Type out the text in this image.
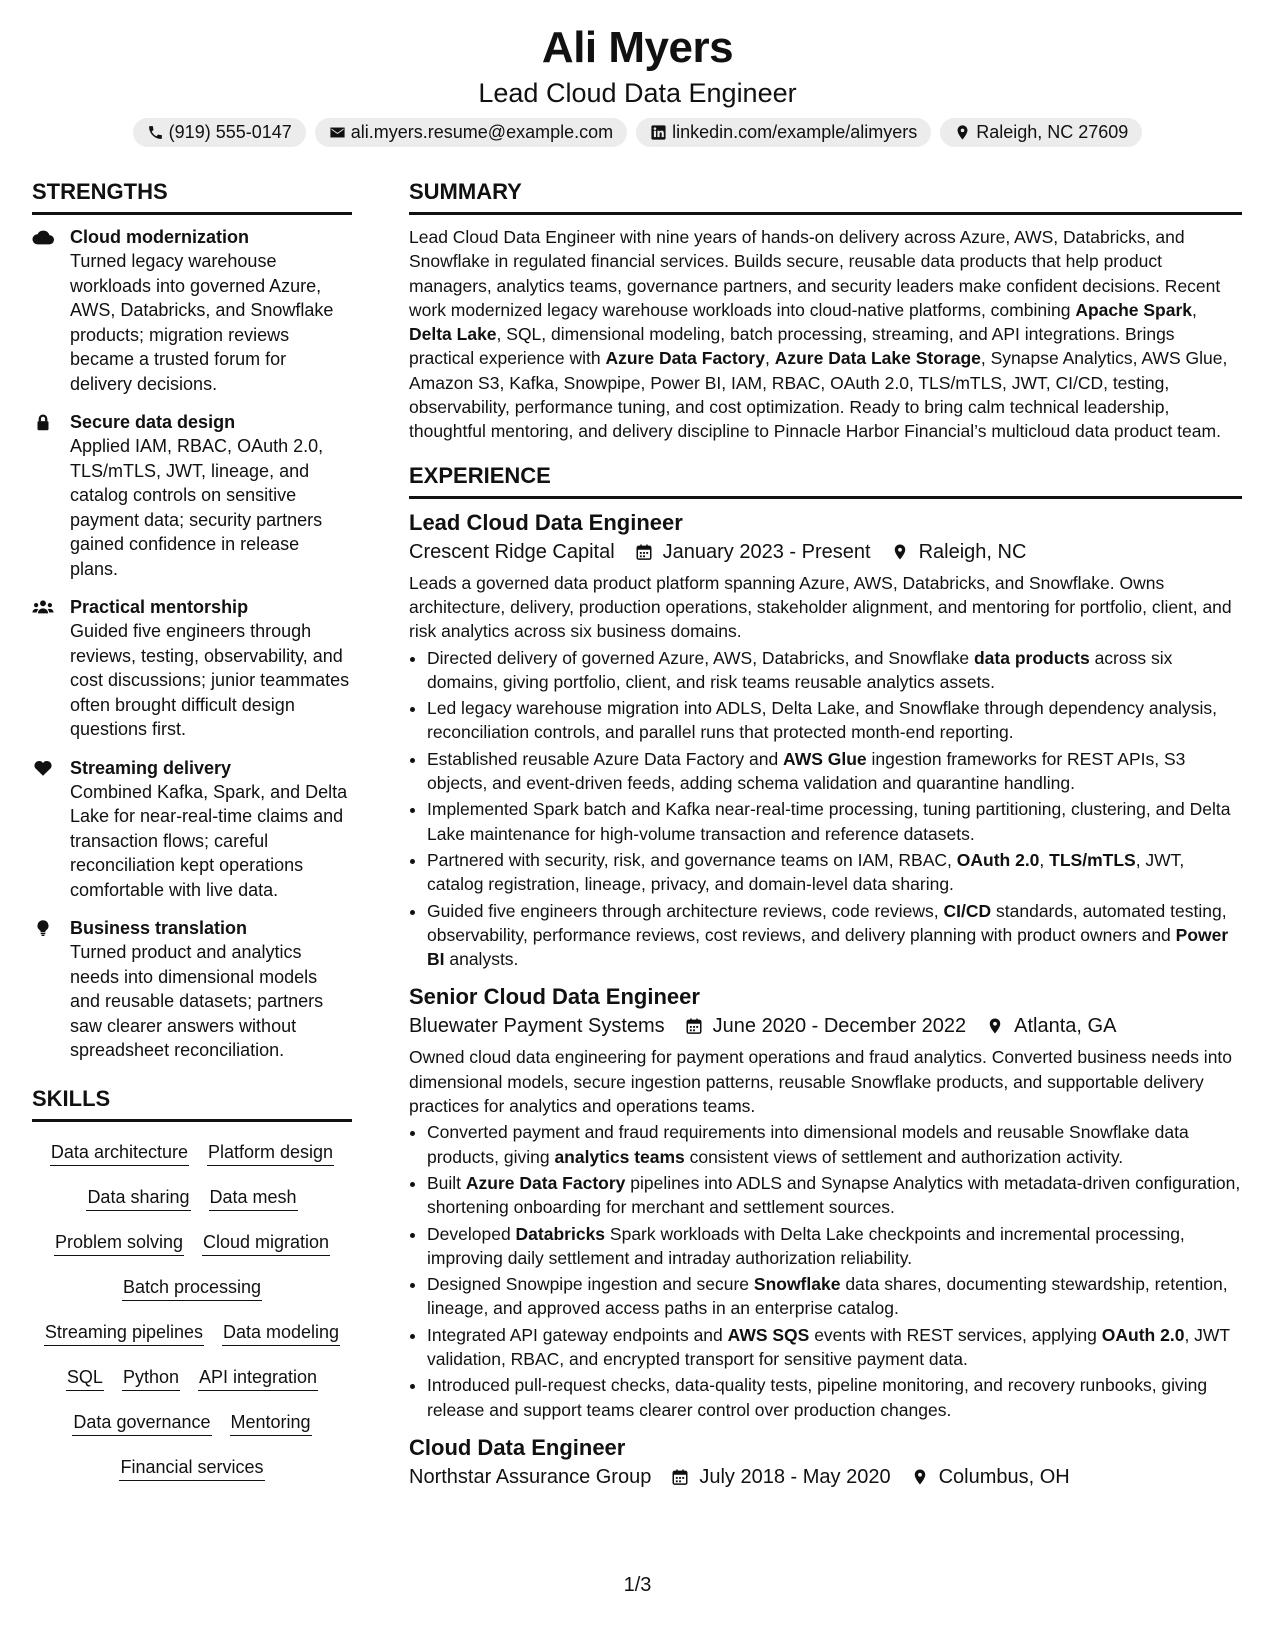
Ali Myers
Lead Cloud Data Engineer
(919) 555-0147	ali.myers.resume@example.com	linkedin.com/example/alimyers	Raleigh, NC 27609
STRENGTHS
Cloud modernization
Turned legacy warehouse workloads into governed Azure, AWS, Databricks, and Snowflake products; migration reviews became a trusted forum for delivery decisions.
Secure data design
Applied IAM, RBAC, OAuth 2.0, TLS/mTLS, JWT, lineage, and catalog controls on sensitive payment data; security partners gained confidence in release plans.
Practical mentorship
Guided five engineers through reviews, testing, observability, and cost discussions; junior teammates often brought difficult design questions first.
Streaming delivery
Combined Kafka, Spark, and Delta Lake for near-real-time claims and transaction flows; careful reconciliation kept operations comfortable with live data.
Business translation
Turned product and analytics needs into dimensional models and reusable datasets; partners saw clearer answers without spreadsheet reconciliation.
SKILLS
Data architecture Platform design
Data sharing Data mesh
Problem solving Cloud migration
Batch processing
Streaming pipelines Data modeling
SQL Python API integration
Data governance Mentoring
Financial services
SUMMARY
Lead Cloud Data Engineer with nine years of hands-on delivery across Azure, AWS, Databricks, and Snowflake in regulated financial services. Builds secure, reusable data products that help product managers, analytics teams, governance partners, and security leaders make confident decisions. Recent work modernized legacy warehouse workloads into cloud-native platforms, combining Apache Spark, Delta Lake, SQL, dimensional modeling, batch processing, streaming, and API integrations. Brings practical experience with Azure Data Factory, Azure Data Lake Storage, Synapse Analytics, AWS Glue, Amazon S3, Kafka, Snowpipe, Power BI, IAM, RBAC, OAuth 2.0, TLS/mTLS, JWT, CI/CD, testing, observability, performance tuning, and cost optimization. Ready to bring calm technical leadership, thoughtful mentoring, and delivery discipline to Pinnacle Harbor Financial’s multicloud data product team.
EXPERIENCE
Lead Cloud Data Engineer
Crescent Ridge Capital January 2023 - Present Raleigh, NC
Leads a governed data product platform spanning Azure, AWS, Databricks, and Snowflake. Owns architecture, delivery, production operations, stakeholder alignment, and mentoring for portfolio, client, and risk analytics across six business domains.
• Directed delivery of governed Azure, AWS, Databricks, and Snowflake data products across six domains, giving portfolio, client, and risk teams reusable analytics assets.
• Led legacy warehouse migration into ADLS, Delta Lake, and Snowflake through dependency analysis, reconciliation controls, and parallel runs that protected month-end reporting.
• Established reusable Azure Data Factory and AWS Glue ingestion frameworks for REST APIs, S3 objects, and event-driven feeds, adding schema validation and quarantine handling.
• Implemented Spark batch and Kafka near-real-time processing, tuning partitioning, clustering, and Delta Lake maintenance for high-volume transaction and reference datasets.
• Partnered with security, risk, and governance teams on IAM, RBAC, OAuth 2.0, TLS/mTLS, JWT, catalog registration, lineage, privacy, and domain-level data sharing.
• Guided five engineers through architecture reviews, code reviews, CI/CD standards, automated testing, observability, performance reviews, cost reviews, and delivery planning with product owners and Power BI analysts.
Senior Cloud Data Engineer
Bluewater Payment Systems June 2020 - December 2022 Atlanta, GA
Owned cloud data engineering for payment operations and fraud analytics. Converted business needs into dimensional models, secure ingestion patterns, reusable Snowflake products, and supportable delivery practices for analytics and operations teams.
• Converted payment and fraud requirements into dimensional models and reusable Snowflake data products, giving analytics teams consistent views of settlement and authorization activity.
• Built Azure Data Factory pipelines into ADLS and Synapse Analytics with metadata-driven configuration, shortening onboarding for merchant and settlement sources.
• Developed Databricks Spark workloads with Delta Lake checkpoints and incremental processing, improving daily settlement and intraday authorization reliability.
• Designed Snowpipe ingestion and secure Snowflake data shares, documenting stewardship, retention, lineage, and approved access paths in an enterprise catalog.
• Integrated API gateway endpoints and AWS SQS events with REST services, applying OAuth 2.0, JWT validation, RBAC, and encrypted transport for sensitive payment data.
• Introduced pull-request checks, data-quality tests, pipeline monitoring, and recovery runbooks, giving release and support teams clearer control over production changes.
Cloud Data Engineer
Northstar Assurance Group July 2018 - May 2020 Columbus, OH
1/3
